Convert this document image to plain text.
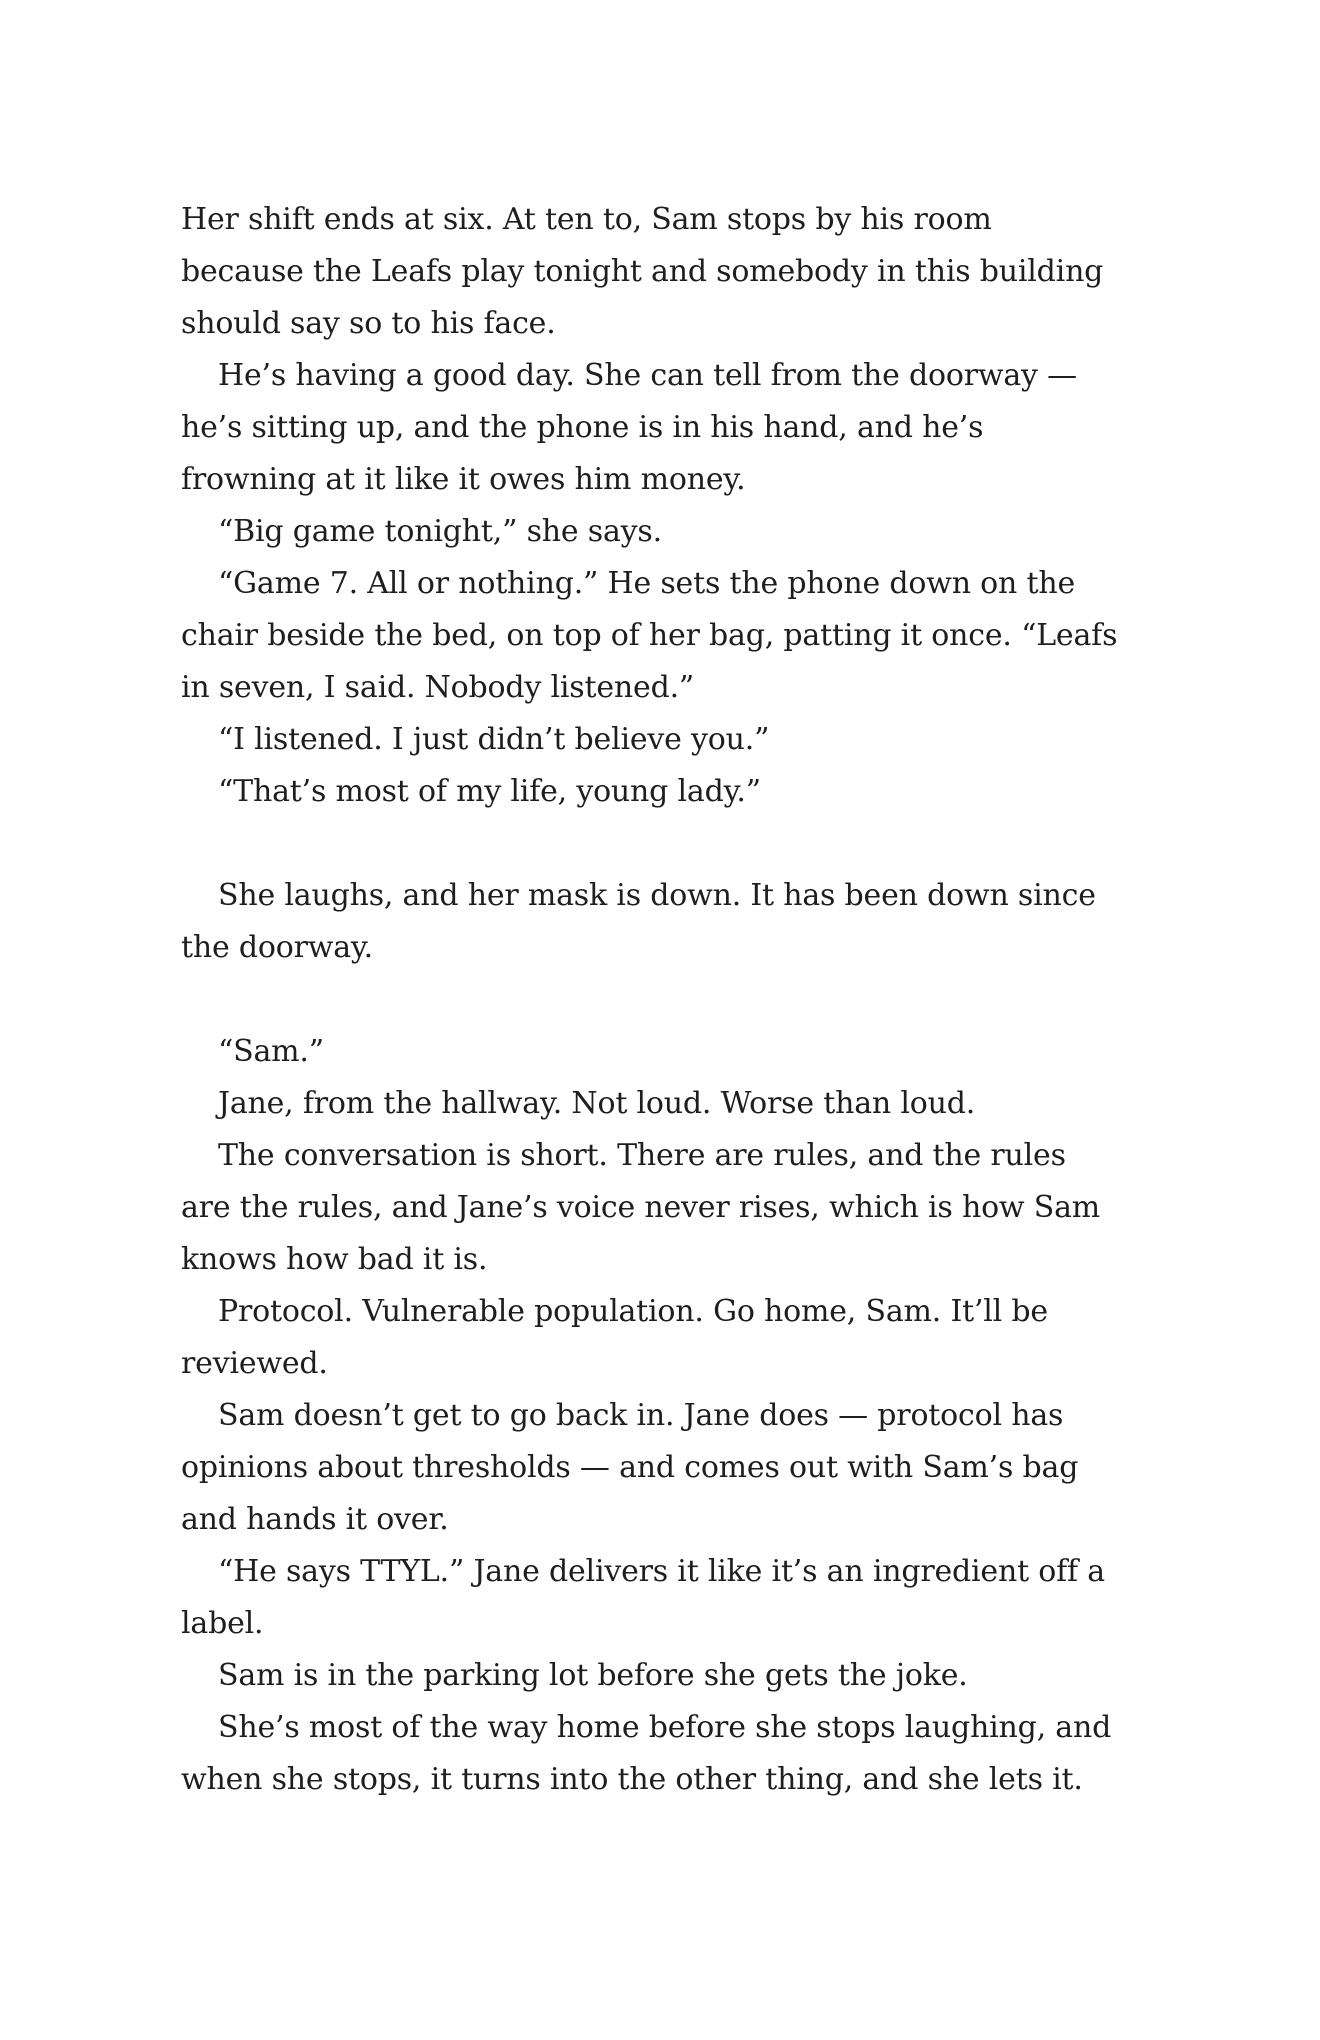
Her shift ends at six. At ten to, Sam stops by his room because the Leafs play tonight and somebody in this building should say so to his face.

He’s having a good day. She can tell from the doorway — he’s sitting up, and the phone is in his hand, and he’s frowning at it like it owes him money.

“Big game tonight,” she says.

“Game 7. All or nothing.” He sets the phone down on the chair beside the bed, on top of her bag, patting it once. “Leafs in seven, I said. Nobody listened.”

“I listened. I just didn’t believe you.”

“That’s most of my life, young lady.”

She laughs, and her mask is down. It has been down since the doorway.

“Sam.”

Jane, from the hallway. Not loud. Worse than loud.

The conversation is short. There are rules, and the rules are the rules, and Jane’s voice never rises, which is how Sam knows how bad it is.

Protocol. Vulnerable population. Go home, Sam. It’ll be reviewed.

Sam doesn’t get to go back in. Jane does — protocol has opinions about thresholds — and comes out with Sam’s bag and hands it over.

“He says TTYL.” Jane delivers it like it’s an ingredient off a label.

Sam is in the parking lot before she gets the joke.

She’s most of the way home before she stops laughing, and when she stops, it turns into the other thing, and she lets it.
